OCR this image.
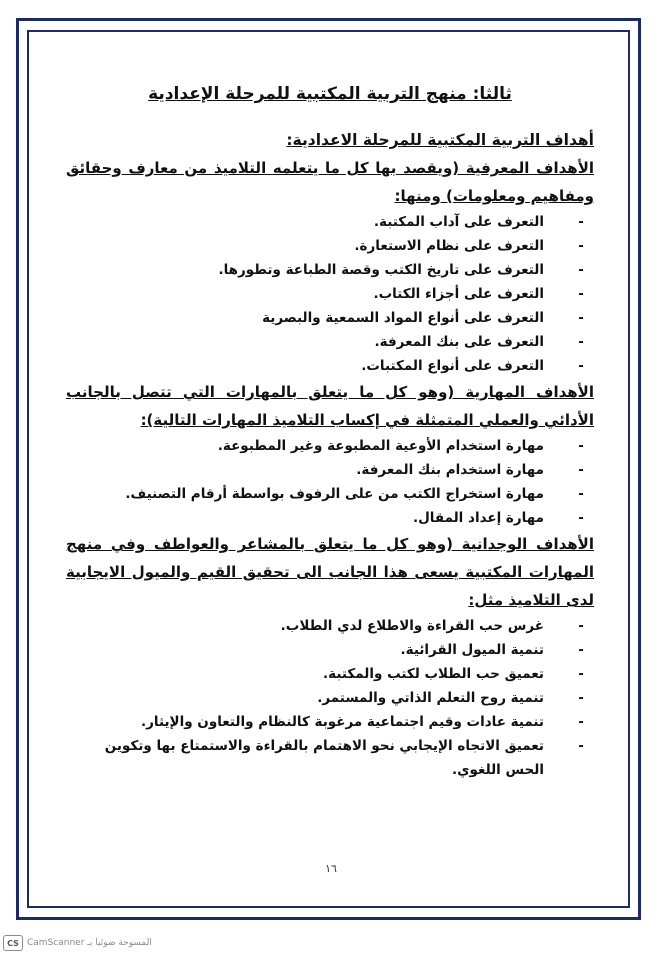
ثالثا: منهج التربية المكتبية للمرحلة الإعدادية
أهداف التربية المكتبية للمرحلة الاعدادية:
الأهداف المعرفية (ويقصد بها كل ما يتعلمه التلاميذ من معارف وحقائق ومفاهيم ومعلومات) ومنها:
-
التعرف على آداب المكتبة.
-
التعرف على نظام الاستعارة.
-
التعرف على تاريخ الكتب وقصة الطباعة وتطورها.
-
التعرف على أجزاء الكتاب.
-
التعرف على أنواع المواد السمعية والبصرية
-
التعرف على بنك المعرفة.
-
التعرف على أنواع المكتبات.
الأهداف المهارية (وهو كل ما يتعلق بالمهارات التي تتصل بالجانب الأدائي والعملي المتمثلة في إكساب التلاميذ المهارات التالية):
-
مهارة استخدام الأوعية المطبوعة وغير المطبوعة.
-
مهارة استخدام بنك المعرفة.
-
مهارة استخراج الكتب من على الرفوف بواسطة أرقام التصنيف.
-
مهارة إعداد المقال.
الأهداف الوجدانية (وهو كل ما يتعلق بالمشاعر والعواطف وفي منهج المهارات المكتبية يسعى هذا الجانب الى تحقيق القيم والميول الايجابية لدى التلاميذ مثل:
-
غرس حب القراءة والاطلاع لدي الطلاب.
-
تنمية الميول القرائية.
-
تعميق حب الطلاب لكتب والمكتبة.
-
تنمية روح التعلم الذاتي والمستمر.
-
تنمية عادات وقيم اجتماعية مرغوبة كالنظام والتعاون والإيثار.
-
تعميق الاتجاه الإيجابي نحو الاهتمام بالقراءة والاستمتاع بها وتكوين الحس اللغوي.
١٦
CS CamScanner المسوحة ضوئيا بـ
